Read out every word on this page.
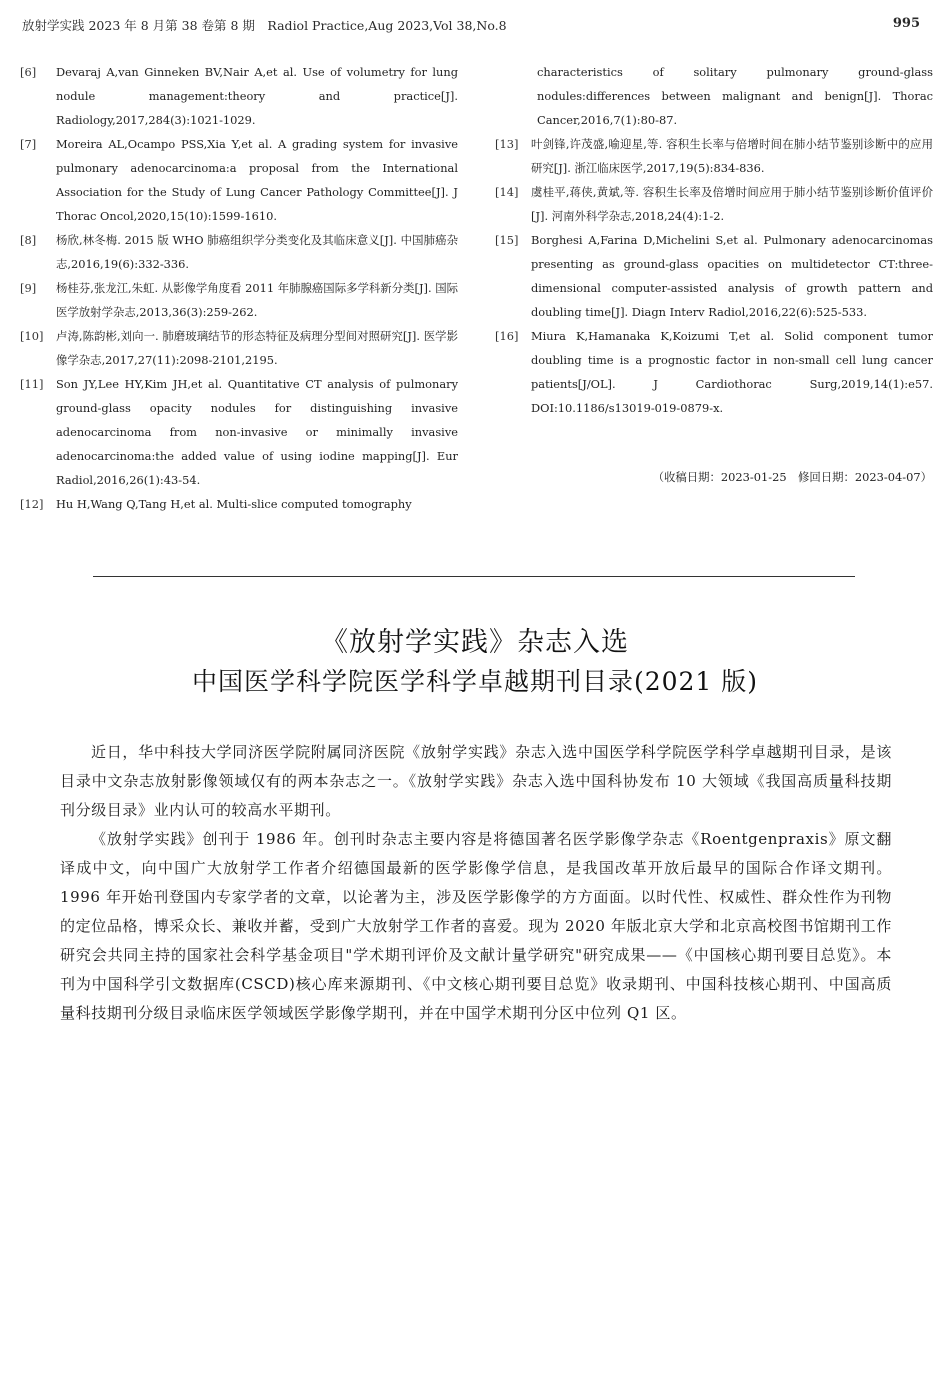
放射学实践 2023 年 8 月第 38 卷第 8 期　Radiol Practice,Aug 2023,Vol 38,No.8	995
[6] Devaraj A,van Ginneken BV,Nair A,et al. Use of volumetry for lung nodule management:theory and practice[J]. Radiology,2017,284(3):1021-1029.
[7] Moreira AL,Ocampo PSS,Xia Y,et al. A grading system for invasive pulmonary adenocarcinoma:a proposal from the International Association for the Study of Lung Cancer Pathology Committee[J]. J Thorac Oncol,2020,15(10):1599-1610.
[8] 杨欣,林冬梅. 2015 版 WHO 肺癌组织学分类变化及其临床意义[J]. 中国肺癌杂志,2016,19(6):332-336.
[9] 杨桂芬,张龙江,朱虹. 从影像学角度看 2011 年肺腺癌国际多学科新分类[J]. 国际医学放射学杂志,2013,36(3):259-262.
[10] 卢涛,陈韵彬,刘向一. 肺磨玻璃结节的形态特征及病理分型间对照研究[J]. 医学影像学杂志,2017,27(11):2098-2101,2195.
[11] Son JY,Lee HY,Kim JH,et al. Quantitative CT analysis of pulmonary ground-glass opacity nodules for distinguishing invasive adenocarcinoma from non-invasive or minimally invasive adenocarcinoma:the added value of using iodine mapping[J]. Eur Radiol,2016,26(1):43-54.
[12] Hu H,Wang Q,Tang H,et al. Multi-slice computed tomography
characteristics of solitary pulmonary ground-glass nodules:differences between malignant and benign[J]. Thorac Cancer,2016,7(1):80-87.
[13] 叶剑锋,许茂盛,喻迎星,等. 容积生长率与倍增时间在肺小结节鉴别诊断中的应用研究[J]. 浙江临床医学,2017,19(5):834-836.
[14] 虞桂平,蒋侠,黄斌,等. 容积生长率及倍增时间应用于肺小结节鉴别诊断价值评价[J]. 河南外科学杂志,2018,24(4):1-2.
[15] Borghesi A,Farina D,Michelini S,et al. Pulmonary adenocarcinomas presenting as ground-glass opacities on multidetector CT:three-dimensional computer-assisted analysis of growth pattern and doubling time[J]. Diagn Interv Radiol,2016,22(6):525-533.
[16] Miura K,Hamanaka K,Koizumi T,et al. Solid component tumor doubling time is a prognostic factor in non-small cell lung cancer patients[J/OL]. J Cardiothorac Surg,2019,14(1):e57. DOI:10.1186/s13019-019-0879-x.
（收稿日期：2023-01-25　修回日期：2023-04-07）
《放射学实践》杂志入选
中国医学科学院医学科学卓越期刊目录(2021 版)

近日，华中科技大学同济医学院附属同济医院《放射学实践》杂志入选中国医学科学院医学科学卓越期刊目录，是该目录中文杂志放射影像领域仅有的两本杂志之一。《放射学实践》杂志入选中国科协发布 10 大领域《我国高质量科技期刊分级目录》业内认可的较高水平期刊。

《放射学实践》创刊于 1986 年。创刊时杂志主要内容是将德国著名医学影像学杂志《Roentgenpraxis》原文翻译成中文，向中国广大放射学工作者介绍德国最新的医学影像学信息，是我国改革开放后最早的国际合作译文期刊。1996 年开始刊登国内专家学者的文章，以论著为主，涉及医学影像学的方方面面。以时代性、权威性、群众性作为刊物的定位品格，博采众长、兼收并蓄，受到广大放射学工作者的喜爱。现为 2020 年版北京大学和北京高校图书馆期刊工作研究会共同主持的国家社会科学基金项目"学术期刊评价及文献计量学研究"研究成果——《中国核心期刊要目总览》。本刊为中国科学引文数据库(CSCD)核心库来源期刊、《中文核心期刊要目总览》收录期刊、中国科技核心期刊、中国高质量科技期刊分级目录临床医学领域医学影像学期刊，并在中国学术期刊分区中位列 Q1 区。
